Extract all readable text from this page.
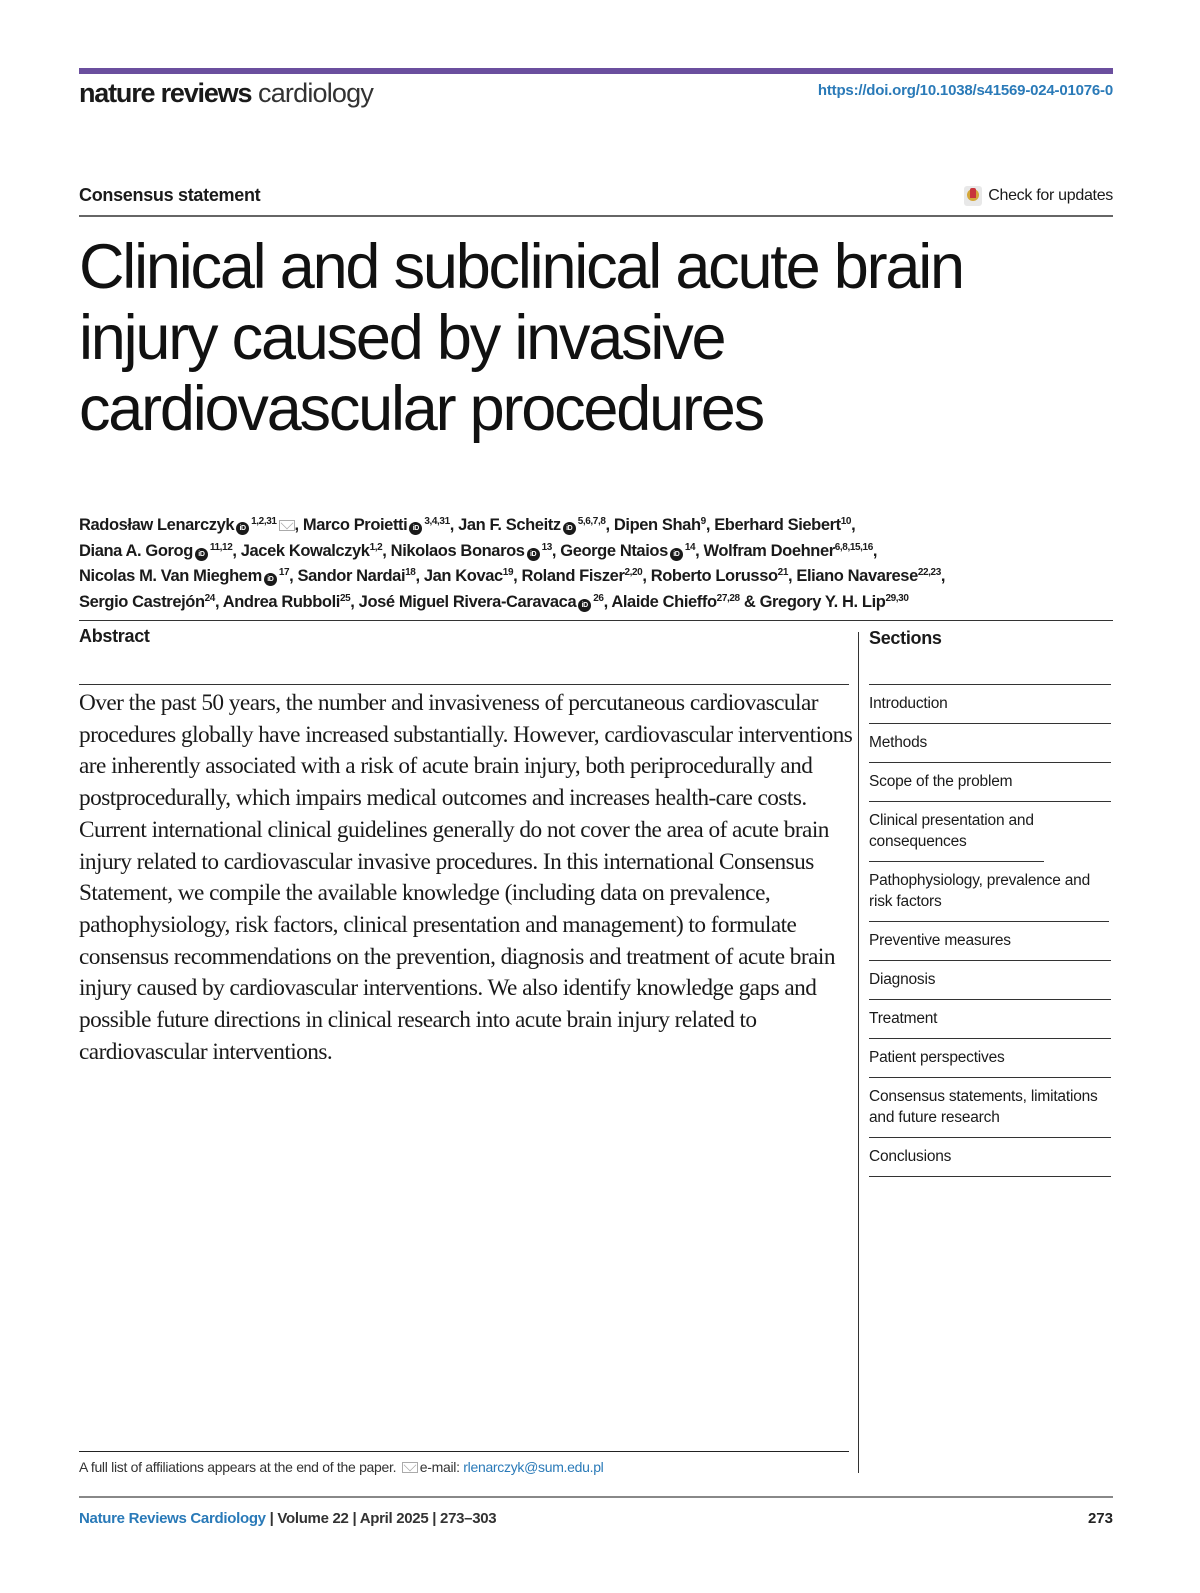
nature reviews cardiology	https://doi.org/10.1038/s41569-024-01076-0
Consensus statement	Check for updates
Clinical and subclinical acute brain injury caused by invasive cardiovascular procedures
Radosław Lenarczyk iD$^{1,2,31}$ , Marco Proietti iD$^{3,4,31}$, Jan F. Scheitz iD$^{5,6,7,8}$, Dipen Shah$^9$, Eberhard Siebert$^{10}$,
Diana A. Gorog iD$^{11,12}$, Jacek Kowalczyk$^{1,2}$, Nikolaos Bonaros $iD^{13}$, George Ntaios $iD^{14}$, Wolfram Doehner$^{6,8,15,16}$,
Nicolas M. Van Mieghem $iD^{17}$, Sandor Nardai$^{18}$, Jan Kovac$^{19}$, Roland Fiszer$^{2,20}$, Roberto Lorusso$^{21}$, Eliano Navarese$^{22,23}$,
Sergio Castrejón$^{24}$, Andrea Rubboli$^{25}$, José Miguel Rivera-Caravaca $iD^{26}$, Alaide Chieffo$^{27,28}$ & Gregory Y. H. Lip$^{29,30}$
Abstract
Over the past 50 years, the number and invasiveness of percutaneous cardiovascular procedures globally have increased substantially. However, cardiovascular interventions are inherently associated with a risk of acute brain injury, both periprocedurally and postprocedurally, which impairs medical outcomes and increases health-care costs. Current international clinical guidelines generally do not cover the area of acute brain injury related to cardiovascular invasive procedures. In this international Consensus Statement, we compile the available knowledge (including data on prevalence, pathophysiology, risk factors, clinical presentation and management) to formulate consensus recommendations on the prevention, diagnosis and treatment of acute brain injury caused by cardiovascular interventions. We also identify knowledge gaps and possible future directions in clinical research into acute brain injury related to cardiovascular interventions.
Sections
Introduction
Methods
Scope of the problem
Clinical presentation and consequences
Pathophysiology, prevalence and risk factors
Preventive measures
Diagnosis
Treatment
Patient perspectives
Consensus statements, limitations and future research
Conclusions
A full list of affiliations appears at the end of the paper. e-mail: rlenarczyk@sum.edu.pl
Nature Reviews Cardiology | Volume 22 | April 2025 | 273–303	273
